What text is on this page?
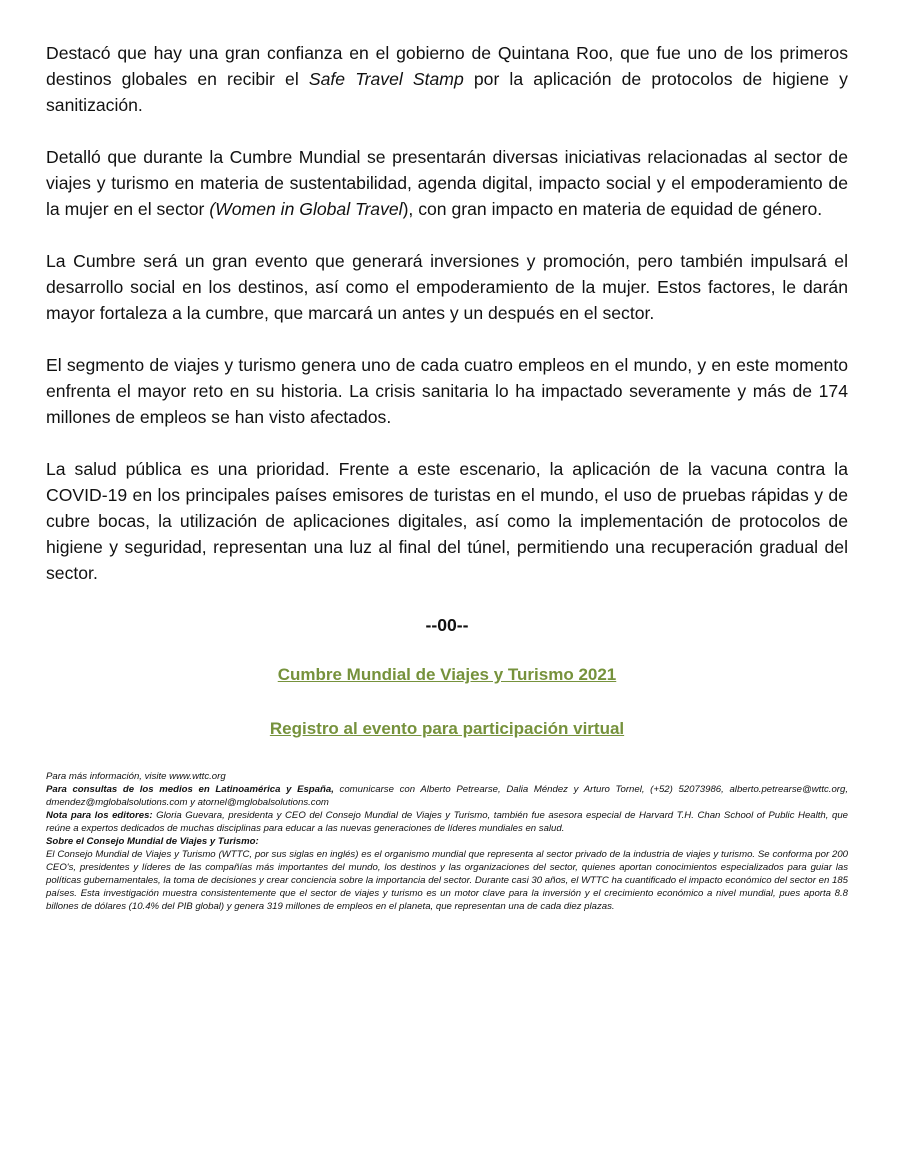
Destacó que hay una gran confianza en el gobierno de Quintana Roo, que fue uno de los primeros destinos globales en recibir el Safe Travel Stamp por la aplicación de protocolos de higiene y sanitización.

Detalló que durante la Cumbre Mundial se presentarán diversas iniciativas relacionadas al sector de viajes y turismo en materia de sustentabilidad, agenda digital, impacto social y el empoderamiento de la mujer en el sector (Women in Global Travel), con gran impacto en materia de equidad de género.

La Cumbre será un gran evento que generará inversiones y promoción, pero también impulsará el desarrollo social en los destinos, así como el empoderamiento de la mujer. Estos factores, le darán mayor fortaleza a la cumbre, que marcará un antes y un después en el sector.

El segmento de viajes y turismo genera uno de cada cuatro empleos en el mundo, y en este momento enfrenta el mayor reto en su historia. La crisis sanitaria lo ha impactado severamente y más de 174 millones de empleos se han visto afectados.

La salud pública es una prioridad. Frente a este escenario, la aplicación de la vacuna contra la COVID-19 en los principales países emisores de turistas en el mundo, el uso de pruebas rápidas y de cubre bocas, la utilización de aplicaciones digitales, así como la implementación de protocolos de higiene y seguridad, representan una luz al final del túnel, permitiendo una recuperación gradual del sector.

--00--
Cumbre Mundial de Viajes y Turismo 2021
Registro al evento para participación virtual

Para más información, visite www.wttc.org

Para consultas de los medios en Latinoamérica y España, comunicarse con Alberto Petrearse, Dalia Méndez y Arturo Tornel, (+52) 52073986, alberto.petrearse@wttc.org, dmendez@mglobalsolutions.com y atornel@mglobalsolutions.com

Nota para los editores: Gloria Guevara, presidenta y CEO del Consejo Mundial de Viajes y Turismo, también fue asesora especial de Harvard T.H. Chan School of Public Health, que reúne a expertos dedicados de muchas disciplinas para educar a las nuevas generaciones de líderes mundiales en salud.

Sobre el Consejo Mundial de Viajes y Turismo:

El Consejo Mundial de Viajes y Turismo (WTTC, por sus siglas en inglés) es el organismo mundial que representa al sector privado de la industria de viajes y turismo. Se conforma por 200 CEO's, presidentes y líderes de las compañías más importantes del mundo, los destinos y las organizaciones del sector, quienes aportan conocimientos especializados para guiar las políticas gubernamentales, la toma de decisiones y crear conciencia sobre la importancia del sector. Durante casi 30 años, el WTTC ha cuantificado el impacto económico del sector en 185 países. Esta investigación muestra consistentemente que el sector de viajes y turismo es un motor clave para la inversión y el crecimiento económico a nivel mundial, pues aporta 8.8 billones de dólares (10.4% del PIB global) y genera 319 millones de empleos en el planeta, que representan una de cada diez plazas.
